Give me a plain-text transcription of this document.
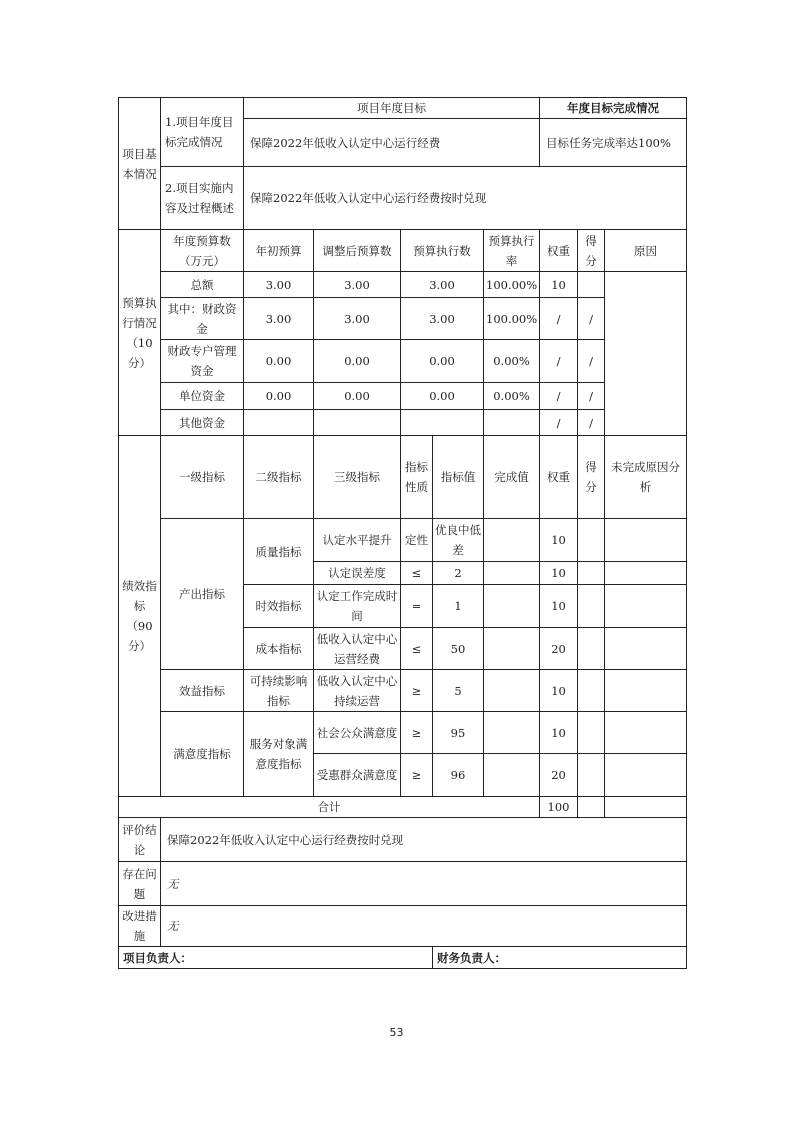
项目基本情况	1.项目年度目标完成情况	项目年度目标					年度目标完成情况		
		保障2022年低收入认定中心运行经费					目标任务完成率达100%		
	2.项目实施内容及过程概述	保障2022年低收入认定中心运行经费按时兑现							
预算执行情况（10分）	年度预算数（万元）	年初预算	调整后预算数	预算执行数		预算执行率	权重	得分	原因
	总额	3.00	3.00	3.00		100.00%	10		
	其中：财政资金	3.00	3.00	3.00		100.00%	/	/	
	财政专户管理资金	0.00	0.00	0.00		0.00%	/	/	
	单位资金	0.00	0.00	0.00		0.00%	/	/	
	其他资金						/	/	
绩效指标（90分）	一级指标	二级指标	三级指标	指标性质	指标值	完成值	权重	得分	未完成原因分析
	产出指标	质量指标	认定水平提升	定性	优良中低差		10		
			认定误差度	≤	2		10		
		时效指标	认定工作完成时间	=	1		10		
		成本指标	低收入认定中心运营经费	≤	50		20		
	效益指标	可持续影响指标	低收入认定中心持续运营	≥	5		10		
	满意度指标	服务对象满意度指标	社会公众满意度	≥	95		10		
			受惠群众满意度	≥	96		20		
合计							100		
评价结论	保障2022年低收入认定中心运行经费按时兑现								
存在问题	无								
改进措施	无								
项目负责人：					财务负责人：				
53
